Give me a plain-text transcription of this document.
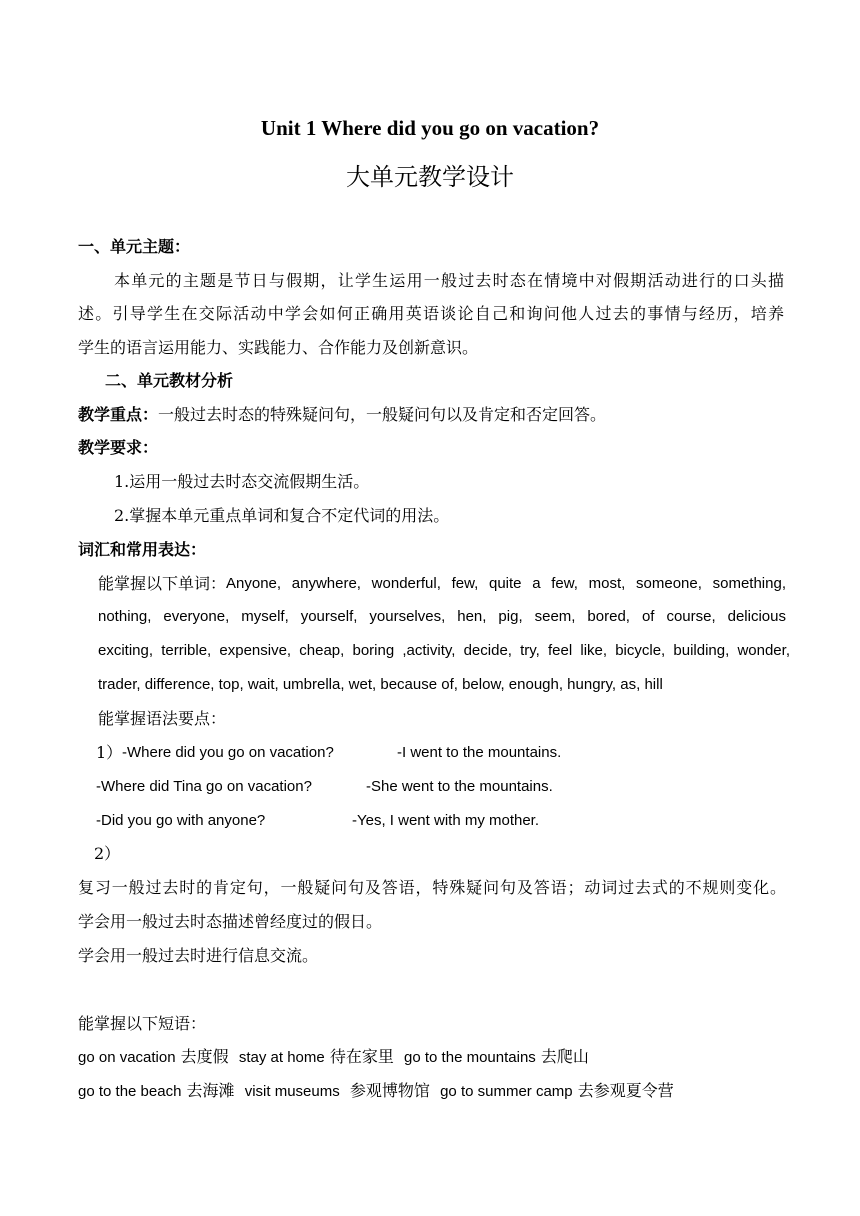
Unit 1 Where did you go on vacation?
大单元教学设计
一、单元主题：
本单元的主题是节日与假期，让学生运用一般过去时态在情境中对假期活动进行的口头描
述。引导学生在交际活动中学会如何正确用英语谈论自己和询问他人过去的事情与经历，培养
学生的语言运用能力、实践能力、合作能力及创新意识。
二、单元教材分析
教学重点：一般过去时态的特殊疑问句，一般疑问句以及肯定和否定回答。
教学要求：
1.运用一般过去时态交流假期生活。
2.掌握本单元重点单词和复合不定代词的用法。
词汇和常用表达：
能掌握以下单词： Anyone, anywhere, wonderful, few, quite a few, most, someone, something,
nothing, everyone, myself, yourself, yourselves, hen, pig, seem, bored, of course, delicious
exciting, terrible, expensive, cheap, boring ,activity, decide, try, feel like, bicycle, building, wonder,
trader, difference, top, wait, umbrella, wet, because of, below, enough, hungry, as, hill
能掌握语法要点：
1） -Where did you go on vacation?	-I went to the mountains.
-Where did Tina go on vacation?	-She went to the mountains.
-Did you go with anyone?	-Yes, I went with my mother.
2）
复习一般过去时的肯定句，一般疑问句及答语，特殊疑问句及答语；动词过去式的不规则变化。
学会用一般过去时态描述曾经度过的假日。
学会用一般过去时进行信息交流。
能掌握以下短语：
go on vacation 去度假 stay at home 待在家里 go to the mountains 去爬山
go to the beach 去海滩 visit museums 参观博物馆 go to summer camp 去参观夏令营
